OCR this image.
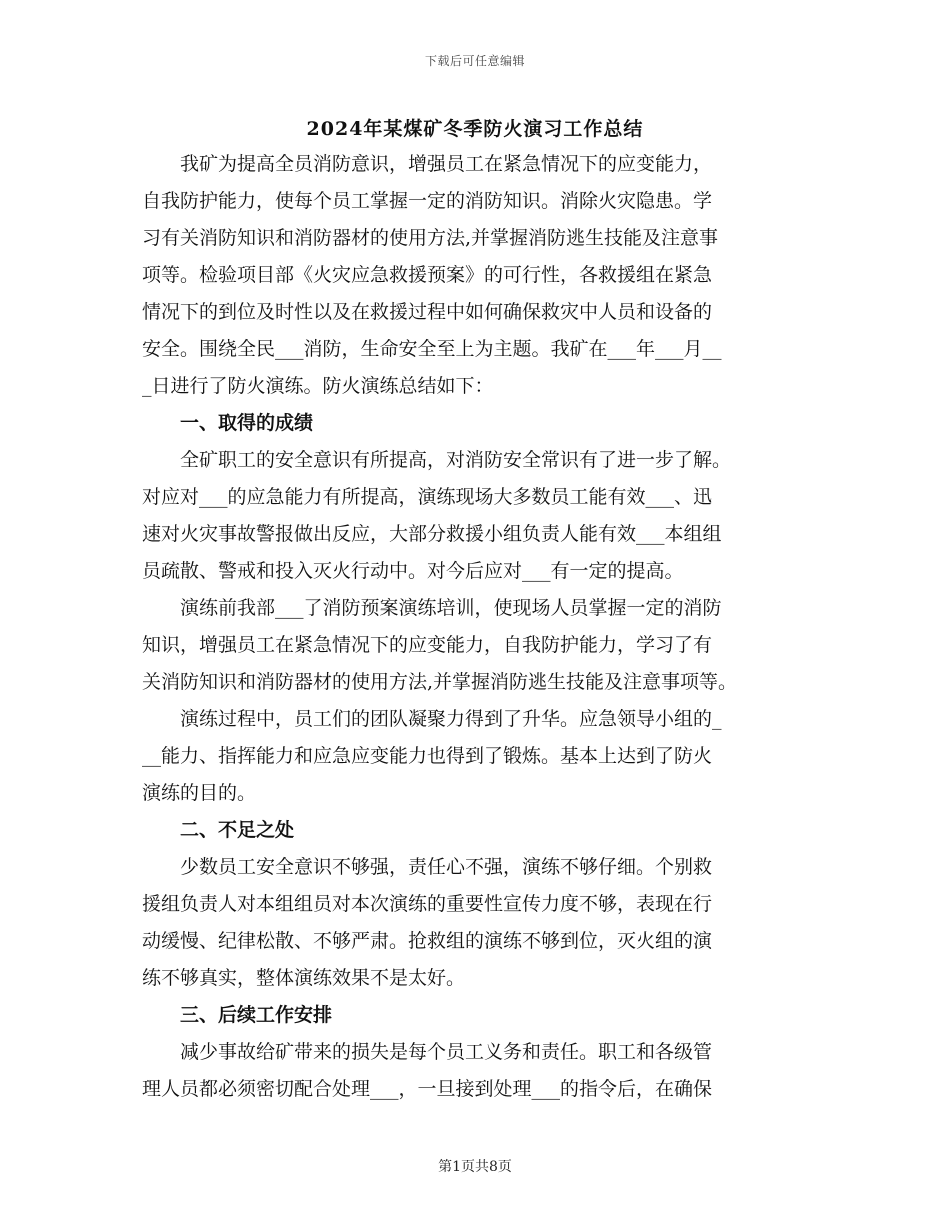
下载后可任意编辑
2024年某煤矿冬季防火演习工作总结
　　我矿为提高全员消防意识，增强员工在紧急情况下的应变能力，
自我防护能力，使每个员工掌握一定的消防知识。消除火灾隐患。学
习有关消防知识和消防器材的使用方法,并掌握消防逃生技能及注意事
项等。检验项目部《火灾应急救援预案》的可行性，各救援组在紧急
情况下的到位及时性以及在救援过程中如何确保救灾中人员和设备的
安全。围绕全民___消防，生命安全至上为主题。我矿在___年___月__
_日进行了防火演练。防火演练总结如下：
　　一、取得的成绩
　　全矿职工的安全意识有所提高，对消防安全常识有了进一步了解。
对应对___的应急能力有所提高，演练现场大多数员工能有效___、迅
速对火灾事故警报做出反应，大部分救援小组负责人能有效___本组组
员疏散、警戒和投入灭火行动中。对今后应对___有一定的提高。
　　演练前我部___了消防预案演练培训，使现场人员掌握一定的消防
知识，增强员工在紧急情况下的应变能力，自我防护能力，学习了有
关消防知识和消防器材的使用方法,并掌握消防逃生技能及注意事项等。
　　演练过程中，员工们的团队凝聚力得到了升华。应急领导小组的_
__能力、指挥能力和应急应变能力也得到了锻炼。基本上达到了防火
演练的目的。
　　二、不足之处
　　少数员工安全意识不够强，责任心不强，演练不够仔细。个别救
援组负责人对本组组员对本次演练的重要性宣传力度不够，表现在行
动缓慢、纪律松散、不够严肃。抢救组的演练不够到位，灭火组的演
练不够真实，整体演练效果不是太好。
　　三、后续工作安排
　　减少事故给矿带来的损失是每个员工义务和责任。职工和各级管
理人员都必须密切配合处理___，一旦接到处理___的指令后，在确保
第1页共8页
